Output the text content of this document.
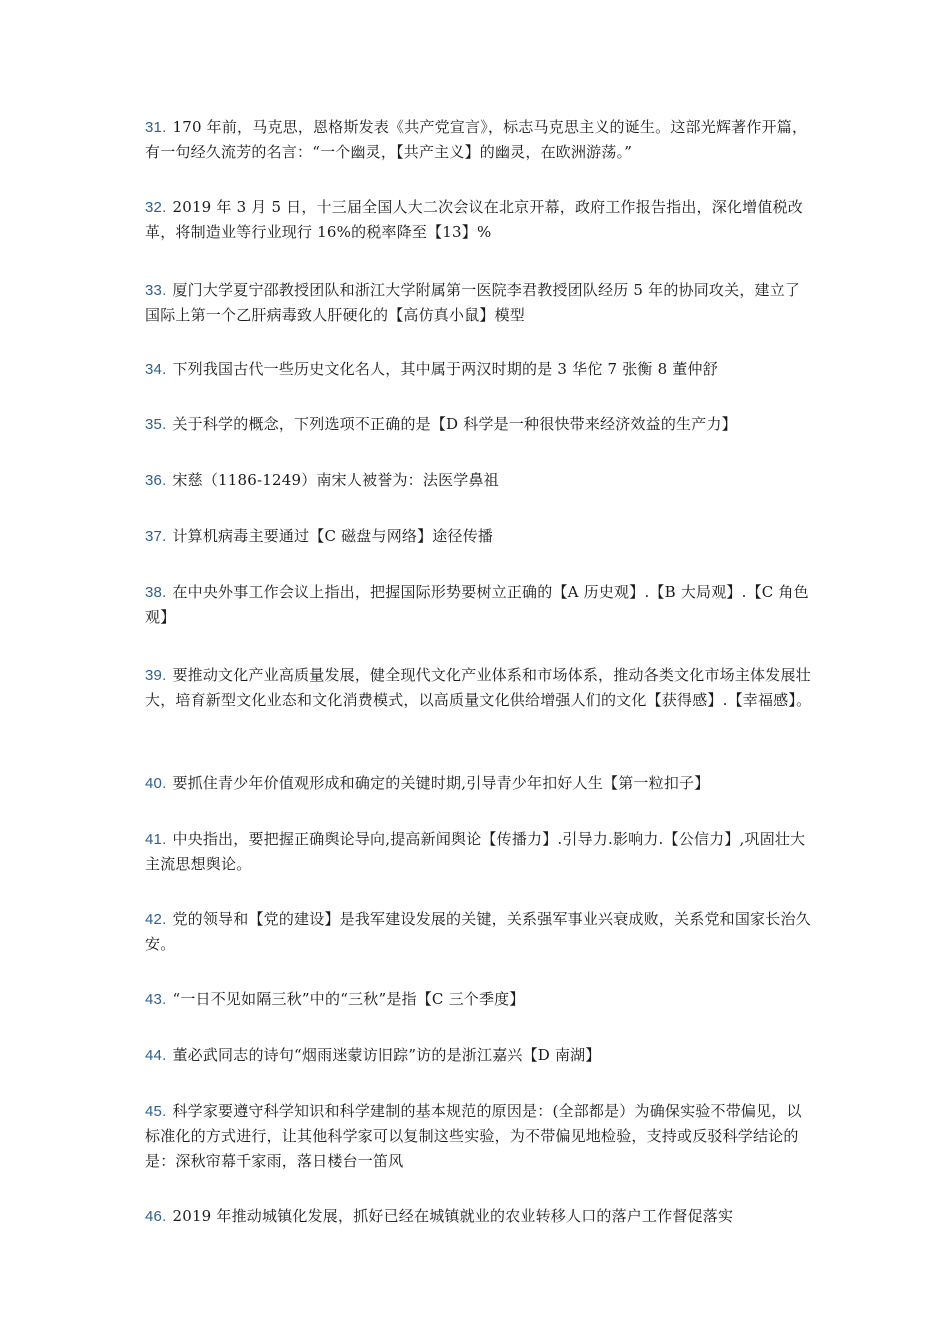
31. 170 年前，马克思，恩格斯发表《共产党宣言》，标志马克思主义的诞生。这部光辉著作开篇，有一句经久流芳的名言：“一个幽灵，【共产主义】的幽灵，在欧洲游荡。”
32. 2019 年 3 月 5 日，十三届全国人大二次会议在北京开幕，政府工作报告指出，深化增值税改革，将制造业等行业现行 16%的税率降至【13】%
33. 厦门大学夏宁邵教授团队和浙江大学附属第一医院李君教授团队经历 5 年的协同攻关，建立了国际上第一个乙肝病毒致人肝硬化的【高仿真小鼠】模型
34. 下列我国古代一些历史文化名人，其中属于两汉时期的是 3 华佗 7 张衡 8 董仲舒
35. 关于科学的概念，下列选项不正确的是【D 科学是一种很快带来经济效益的生产力】
36. 宋慈（1186-1249）南宋人被誉为：法医学鼻祖
37. 计算机病毒主要通过【C 磁盘与网络】途径传播
38. 在中央外事工作会议上指出，把握国际形势要树立正确的【A 历史观】.【B 大局观】.【C 角色观】
39. 要推动文化产业高质量发展，健全现代文化产业体系和市场体系，推动各类文化市场主体发展壮大，培育新型文化业态和文化消费模式，以高质量文化供给增强人们的文化【获得感】.【幸福感】。
40. 要抓住青少年价值观形成和确定的关键时期,引导青少年扣好人生【第一粒扣子】
41. 中央指出，要把握正确舆论导向,提高新闻舆论【传播力】.引导力.影响力.【公信力】,巩固壮大主流思想舆论。
42. 党的领导和【党的建设】是我军建设发展的关键，关系强军事业兴衰成败，关系党和国家长治久安。
43. “一日不见如隔三秋”中的“三秋”是指【C 三个季度】
44. 董必武同志的诗句“烟雨迷蒙访旧踪”访的是浙江嘉兴【D 南湖】
45. 科学家要遵守科学知识和科学建制的基本规范的原因是：(全部都是）为确保实验不带偏见，以标准化的方式进行，让其他科学家可以复制这些实验，为不带偏见地检验，支持或反驳科学结论的是：深秋帘幕千家雨，落日楼台一笛风
46. 2019 年推动城镇化发展，抓好已经在城镇就业的农业转移人口的落户工作督促落实
